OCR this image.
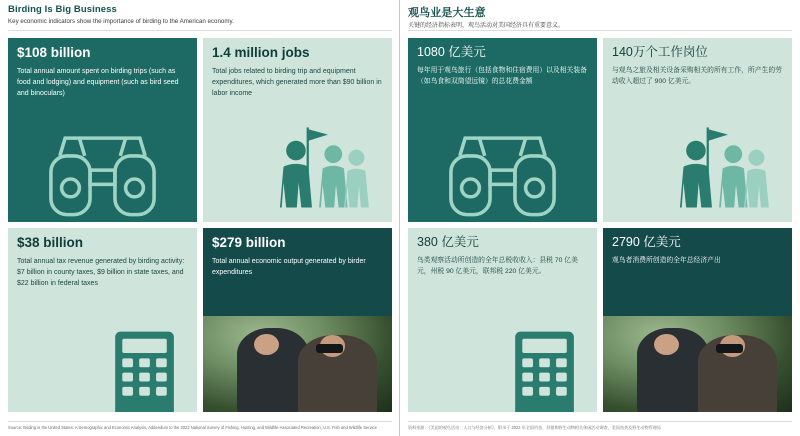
Birding Is Big Business

Key economic indicators show the importance of birding to the American economy.

$108 billion

Total annual amount spent on birding trips (such as food and lodging) and equipment (such as bird seed and binoculars)

1.4 million jobs

Total jobs related to birding trip and equipment expenditures, which generated more than $90 billion in labor income

$38 billion

Total annual tax revenue generated by birding activity: $7 billion in county taxes, $9 billion in state taxes, and $22 billion in federal taxes

$279 billion

Total annual economic output generated by birder expenditures

Source: Birding in the United States: A Demographic and Economic Analysis, Addendum to the 2022 National Survey of Fishing, Hunting, and Wildlife-Associated Recreation, U.S. Fish and Wildlife Service

观鸟业是大生意

关键的经济指标表明，观鸟活动对美国经济具有重要意义。

1080 亿美元

每年用于观鸟旅行（包括食物和住宿费用）以及相关装备（如鸟食和双筒望远镜）的总花费金额

140万个工作岗位

与观鸟之旅及相关设备采购相关的所有工作，所产生的劳动收入超过了 900 亿美元。

380 亿美元

鸟类观察活动所创造的全年总税收收入：县税 70 亿美元，州税 90 亿美元，联邦税 220 亿美元。

2790 亿美元

观鸟者消费所创造的全年总经济产出

资料来源：《美国的观鸟活动：人口与经济分析》，附录于 2022 年全国钓鱼、狩猎和野生动物相关休闲活动调查，美国鱼类及野生动物管理局
